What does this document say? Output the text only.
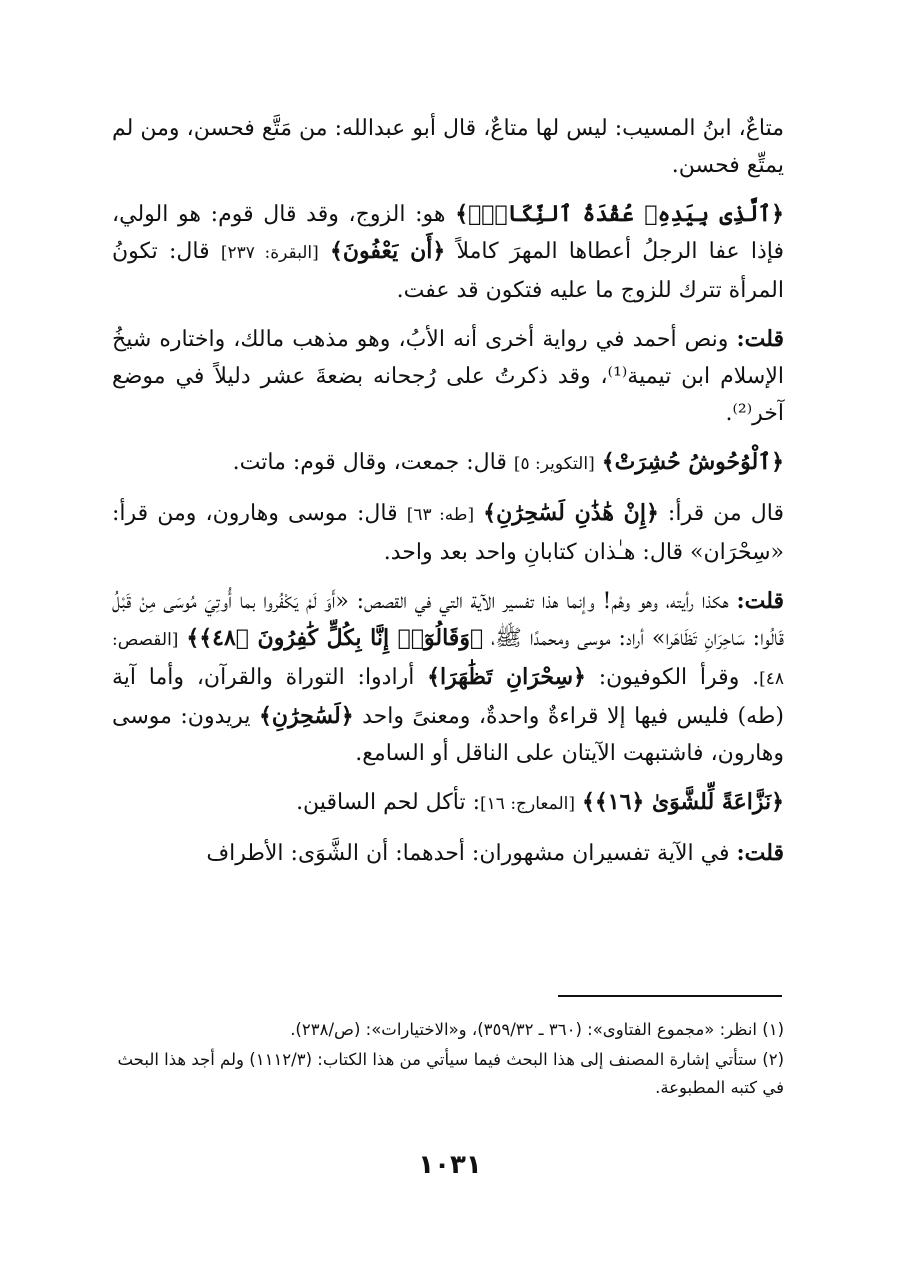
متاعٌ، ابنُ المسيب: ليس لها متاعٌ، قال أبو عبدالله: من مَتَّع فحسن، ومن لم يمتِّع فحسن.

﴿ٱلَّذِى بِيَدِهِۦ عُقْدَةُ ٱلنِّكَاحِۚ﴾ هو: الزوج، وقد قال قوم: هو الولي، فإذا عفا الرجلُ أعطاها المهرَ كاملاً ﴿أَن يَعْفُونَ﴾ [البقرة: ٢٣٧] قال: تكونُ المرأة تترك للزوج ما عليه فتكون قد عفت.

قلت: ونص أحمد في رواية أخرى أنه الأبُ، وهو مذهب مالك، واختاره شيخُ الإسلام ابن تيمية⁽¹⁾، وقد ذكرتُ على رُجحانه بضعةَ عشر دليلاً في موضع آخر⁽²⁾.

﴿ٱلْوُحُوشُ حُشِرَتْ﴾ [التكوير: ٥] قال: جمعت، وقال قوم: ماتت.

قال من قرأ: ﴿إِنْ هَٰذَٰنِ لَسَٰحِرَٰنِ﴾ [طه: ٦٣] قال: موسى وهارون، ومن قرأ: «سِحْرَان» قال: هـٰذان كتابانِ واحد بعد واحد.

قلت: هكذا رأيته، وهو وهْم! وإنما هذا تفسير الآية التي في القصص: «أَوَ لَمْ يَكْفُروا بما أُوتِيَ مُوسَى مِنْ قَبْلُ قَالُوا: سَاحِرَانِ تَظَاهَرا» أراد: موسى ومحمدًا ﷺ، ﴿وَقَالُوٓا۟ إِنَّا بِكُلٍّ كَٰفِرُونَ ﴿٤٨﴾﴾ [القصص: ٤٨]. وقرأ الكوفيون: ﴿سِحْرَانِ تَظَٰهَرَا﴾ أرادوا: التوراة والقرآن، وأما آية (طه) فليس فيها إلا قراءةٌ واحدةٌ، ومعنىً واحد ﴿لَسَٰحِرَٰنِ﴾ يريدون: موسى وهارون، فاشتبهت الآيتان على الناقل أو السامع.

﴿نَزَّاعَةً لِّلشَّوَىٰ ﴿١٦﴾﴾ [المعارج: ١٦]: تأكل لحم الساقين.

قلت: في الآية تفسيران مشهوران: أحدهما: أن الشَّوَى: الأطراف

(١) انظر: «مجموع الفتاوى»: (٣٦٠ ـ ٣٥٩/٣٢)، و«الاختيارات»: (ص/٢٣٨).

(٢) ستأتي إشارة المصنف إلى هذا البحث فيما سيأتي من هذا الكتاب: (١١١٢/٣) ولم أجد هذا البحث في كتبه المطبوعة.

١٠٣١
